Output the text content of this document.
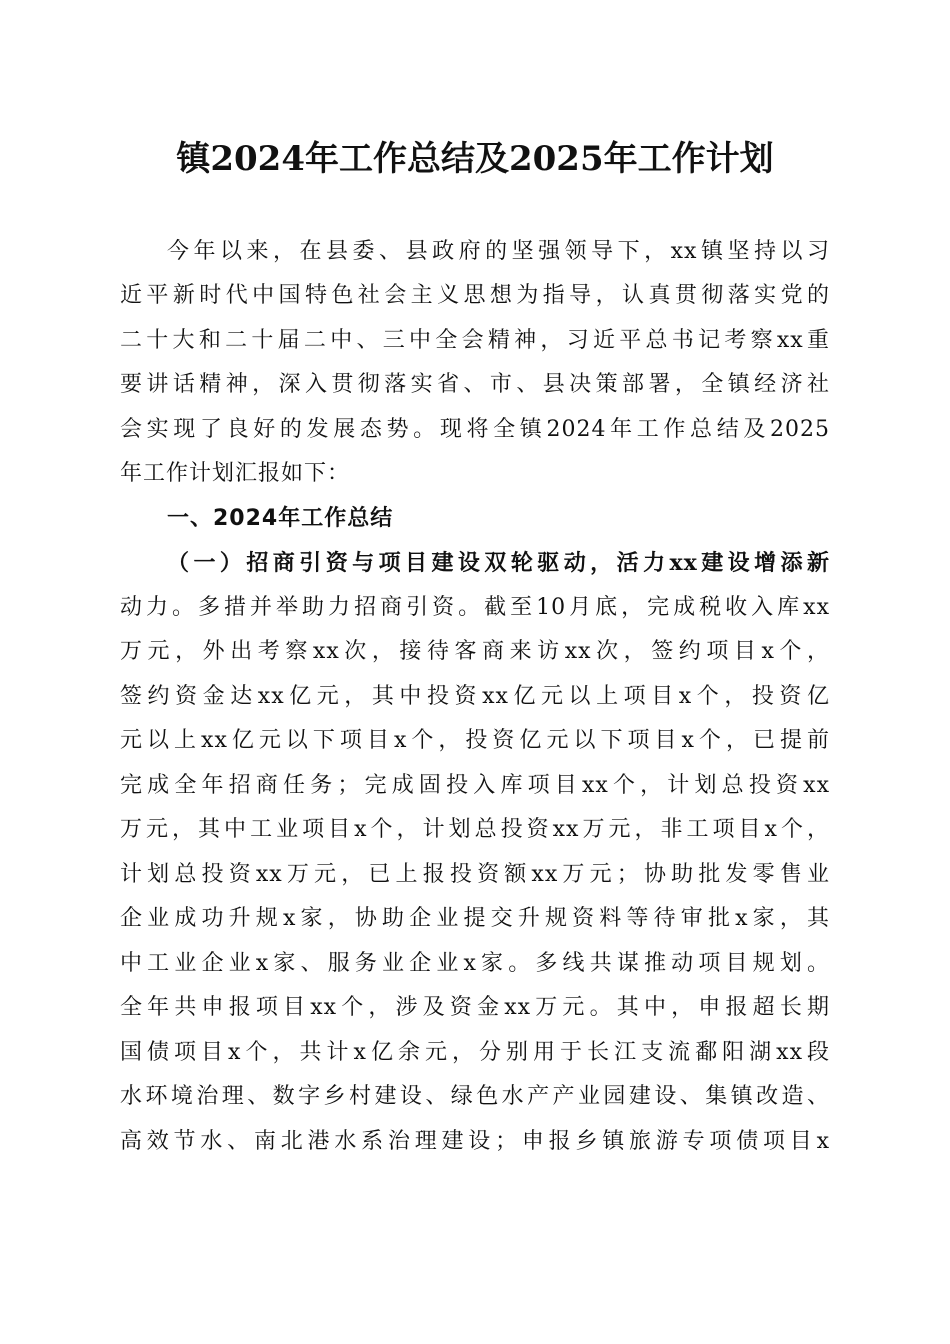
镇2024年工作总结及2025年工作计划
今年以来，在县委、县政府的坚强领导下，xx镇坚持以习
近平新时代中国特色社会主义思想为指导，认真贯彻落实党的
二十大和二十届二中、三中全会精神，习近平总书记考察xx重
要讲话精神，深入贯彻落实省、市、县决策部署，全镇经济社
会实现了良好的发展态势。现将全镇2024年工作总结及2025
年工作计划汇报如下：
一、2024年工作总结
（一）招商引资与项目建设双轮驱动，活力xx建设增添新
动力。多措并举助力招商引资。截至10月底，完成税收入库xx
万元，外出考察xx次，接待客商来访xx次，签约项目x个，
签约资金达xx亿元，其中投资xx亿元以上项目x个，投资亿
元以上xx亿元以下项目x个，投资亿元以下项目x个，已提前
完成全年招商任务；完成固投入库项目xx个，计划总投资xx
万元，其中工业项目x个，计划总投资xx万元，非工项目x个，
计划总投资xx万元，已上报投资额xx万元；协助批发零售业
企业成功升规x家，协助企业提交升规资料等待审批x家，其
中工业企业x家、服务业企业x家。多线共谋推动项目规划。
全年共申报项目xx个，涉及资金xx万元。其中，申报超长期
国债项目x个，共计x亿余元，分别用于长江支流鄱阳湖xx段
水环境治理、数字乡村建设、绿色水产产业园建设、集镇改造、
高效节水、南北港水系治理建设；申报乡镇旅游专项债项目x
